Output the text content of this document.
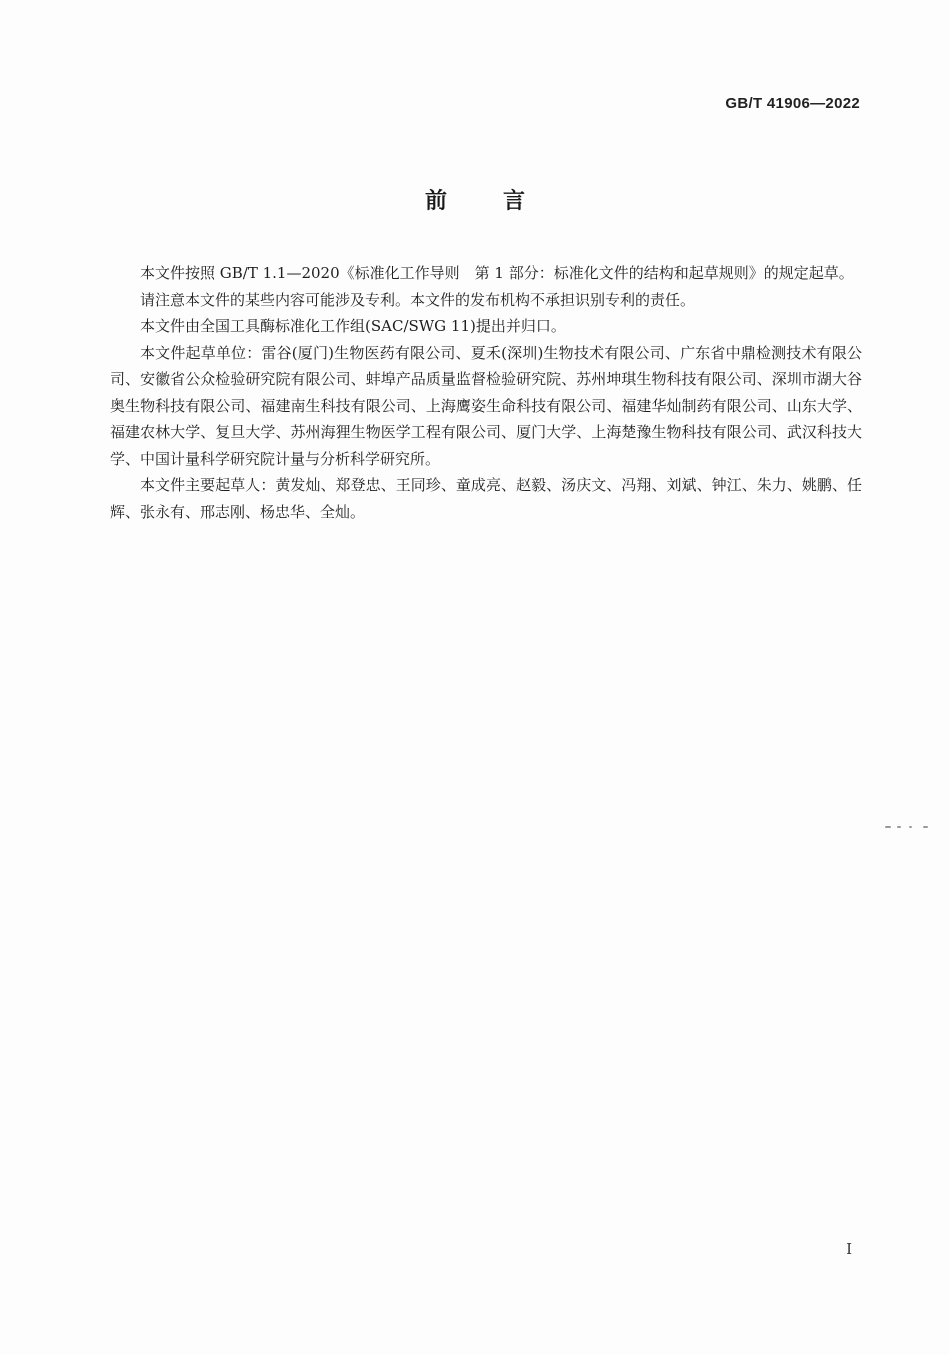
GB/T 41906—2022
前言

本文件按照 GB/T 1.1—2020《标准化工作导则　第 1 部分：标准化文件的结构和起草规则》的规定起草。

请注意本文件的某些内容可能涉及专利。本文件的发布机构不承担识别专利的责任。

本文件由全国工具酶标准化工作组(SAC/SWG 11)提出并归口。

本文件起草单位：雷谷(厦门)生物医药有限公司、夏禾(深圳)生物技术有限公司、广东省中鼎检测技术有限公司、安徽省公众检验研究院有限公司、蚌埠产品质量监督检验研究院、苏州坤琪生物科技有限公司、深圳市湖大谷奥生物科技有限公司、福建南生科技有限公司、上海鹰姿生命科技有限公司、福建华灿制药有限公司、山东大学、福建农林大学、复旦大学、苏州海狸生物医学工程有限公司、厦门大学、上海楚豫生物科技有限公司、武汉科技大学、中国计量科学研究院计量与分析科学研究所。

本文件主要起草人：黄发灿、郑登忠、王同珍、童成亮、赵毅、汤庆文、冯翔、刘斌、钟江、朱力、姚鹏、任辉、张永有、邢志刚、杨忠华、全灿。

I
